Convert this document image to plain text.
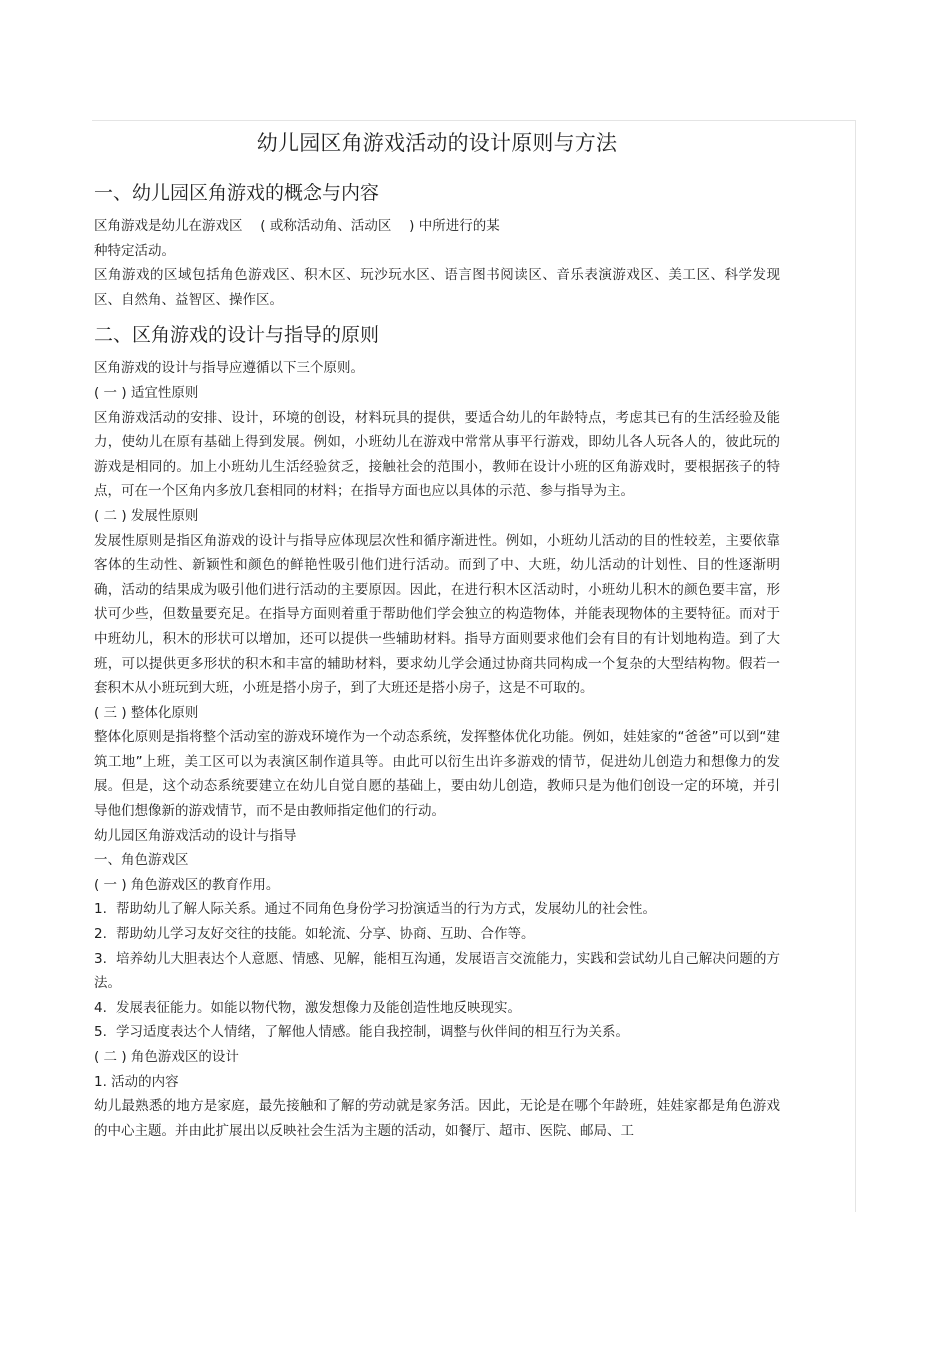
幼儿园区角游戏活动的设计原则与方法
一、幼儿园区角游戏的概念与内容

区角游戏是幼儿在游戏区　 ( 或称活动角、活动区　 ) 中所进行的某

种特定活动。

区角游戏的区域包括角色游戏区、积木区、玩沙玩水区、语言图书阅读区、音乐表演游戏区、美工区、科学发现区、自然角、益智区、操作区。

二、区角游戏的设计与指导的原则

区角游戏的设计与指导应遵循以下三个原则。

( 一 ) 适宜性原则

区角游戏活动的安排、设计，环境的创设，材料玩具的提供，要适合幼儿的年龄特点，考虑其已有的生活经验及能力，使幼儿在原有基础上得到发展。例如，小班幼儿在游戏中常常从事平行游戏，即幼儿各人玩各人的，彼此玩的游戏是相同的。加上小班幼儿生活经验贫乏，接触社会的范围小，教师在设计小班的区角游戏时，要根据孩子的特点，可在一个区角内多放几套相同的材料；在指导方面也应以具体的示范、参与指导为主。

( 二 ) 发展性原则

发展性原则是指区角游戏的设计与指导应体现层次性和循序渐进性。例如，小班幼儿活动的目的性较差，主要依靠客体的生动性、新颖性和颜色的鲜艳性吸引他们进行活动。而到了中、大班，幼儿活动的计划性、目的性逐渐明确，活动的结果成为吸引他们进行活动的主要原因。因此，在进行积木区活动时，小班幼儿积木的颜色要丰富，形状可少些，但数量要充足。在指导方面则着重于帮助他们学会独立的构造物体，并能表现物体的主要特征。而对于中班幼儿，积木的形状可以增加，还可以提供一些辅助材料。指导方面则要求他们会有目的有计划地构造。到了大班，可以提供更多形状的积木和丰富的辅助材料，要求幼儿学会通过协商共同构成一个复杂的大型结构物。假若一套积木从小班玩到大班，小班是搭小房子，到了大班还是搭小房子，这是不可取的。

( 三 ) 整体化原则

整体化原则是指将整个活动室的游戏环境作为一个动态系统，发挥整体优化功能。例如，娃娃家的“爸爸”可以到“建筑工地”上班，美工区可以为表演区制作道具等。由此可以衍生出许多游戏的情节，促进幼儿创造力和想像力的发展。但是，这个动态系统要建立在幼儿自觉自愿的基础上，要由幼儿创造，教师只是为他们创设一定的环境，并引导他们想像新的游戏情节，而不是由教师指定他们的行动。

幼儿园区角游戏活动的设计与指导

一、角色游戏区

( 一 ) 角色游戏区的教育作用。

1. 帮助幼儿了解人际关系。通过不同角色身份学习扮演适当的行为方式，发展幼儿的社会性。

2. 帮助幼儿学习友好交往的技能。如轮流、分享、协商、互助、合作等。

3. 培养幼儿大胆表达个人意愿、情感、见解，能相互沟通，发展语言交流能力，实践和尝试幼儿自己解决问题的方法。

4. 发展表征能力。如能以物代物，激发想像力及能创造性地反映现实。

5. 学习适度表达个人情绪，了解他人情感。能自我控制，调整与伙伴间的相互行为关系。

( 二 ) 角色游戏区的设计

1. 活动的内容

幼儿最熟悉的地方是家庭，最先接触和了解的劳动就是家务活。因此，无论是在哪个年龄班，娃娃家都是角色游戏的中心主题。并由此扩展出以反映社会生活为主题的活动，如餐厅、超市、医院、邮局、工
